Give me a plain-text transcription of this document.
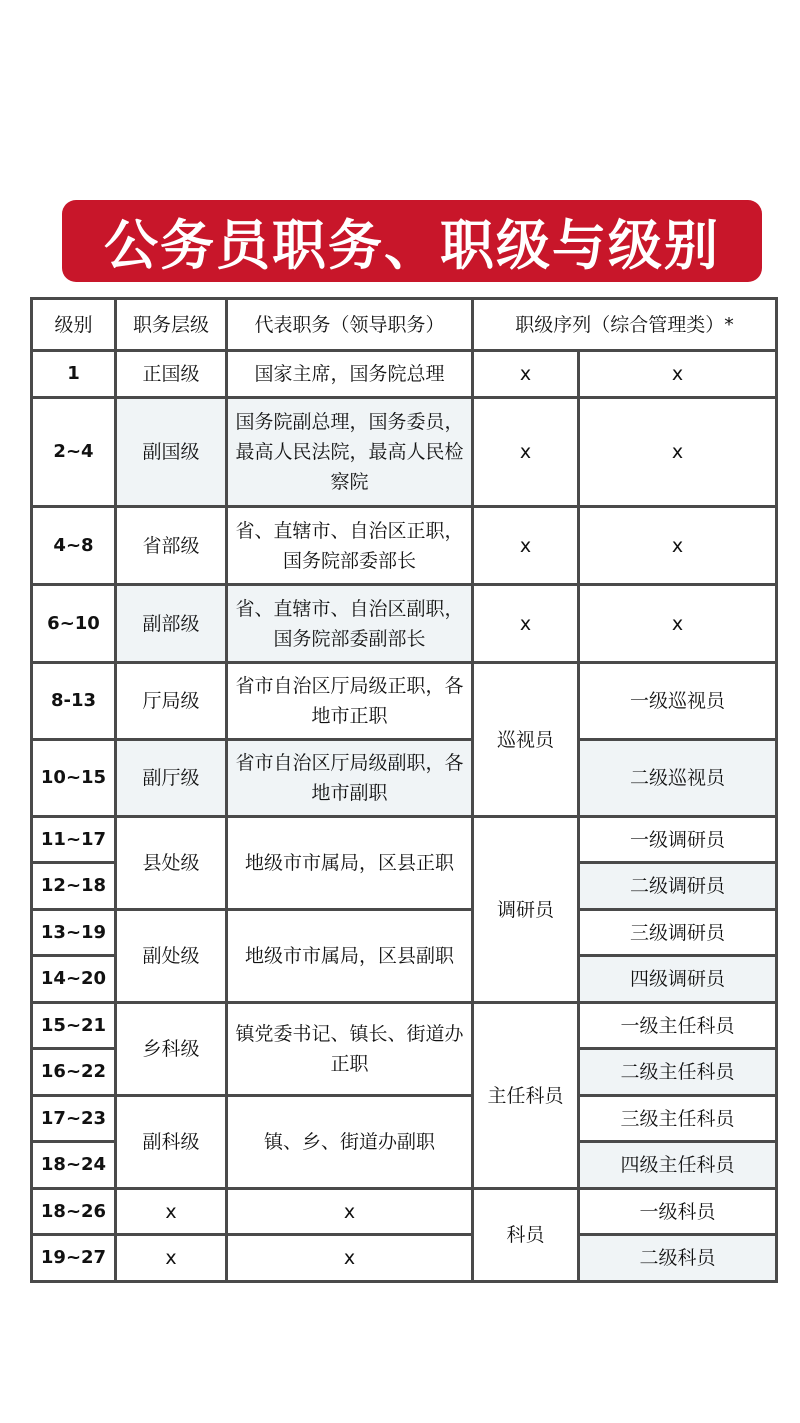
公务员职务、职级与级别
级别	职务层级	代表职务（领导职务）	职级序列（综合管理类）*	
1	正国级	国家主席，国务院总理	x	x
2~4	副国级	国务院副总理，国务委员，最高人民法院，最高人民检察院	x	x
4~8	省部级	省、直辖市、自治区正职，国务院部委部长	x	x
6~10	副部级	省、直辖市、自治区副职，国务院部委副部长	x	x
8-13	厅局级	省市自治区厅局级正职，各地市正职	巡视员	一级巡视员
10~15	副厅级	省市自治区厅局级副职，各地市副职		二级巡视员
11~17	县处级	地级市市属局，区县正职	调研员	一级调研员
12~18				二级调研员
13~19	副处级	地级市市属局，区县副职		三级调研员
14~20				四级调研员
15~21	乡科级	镇党委书记、镇长、街道办正职	主任科员	一级主任科员
16~22				二级主任科员
17~23	副科级	镇、乡、街道办副职		三级主任科员
18~24				四级主任科员
18~26	x	x	科员	一级科员
19~27	x	x		二级科员
